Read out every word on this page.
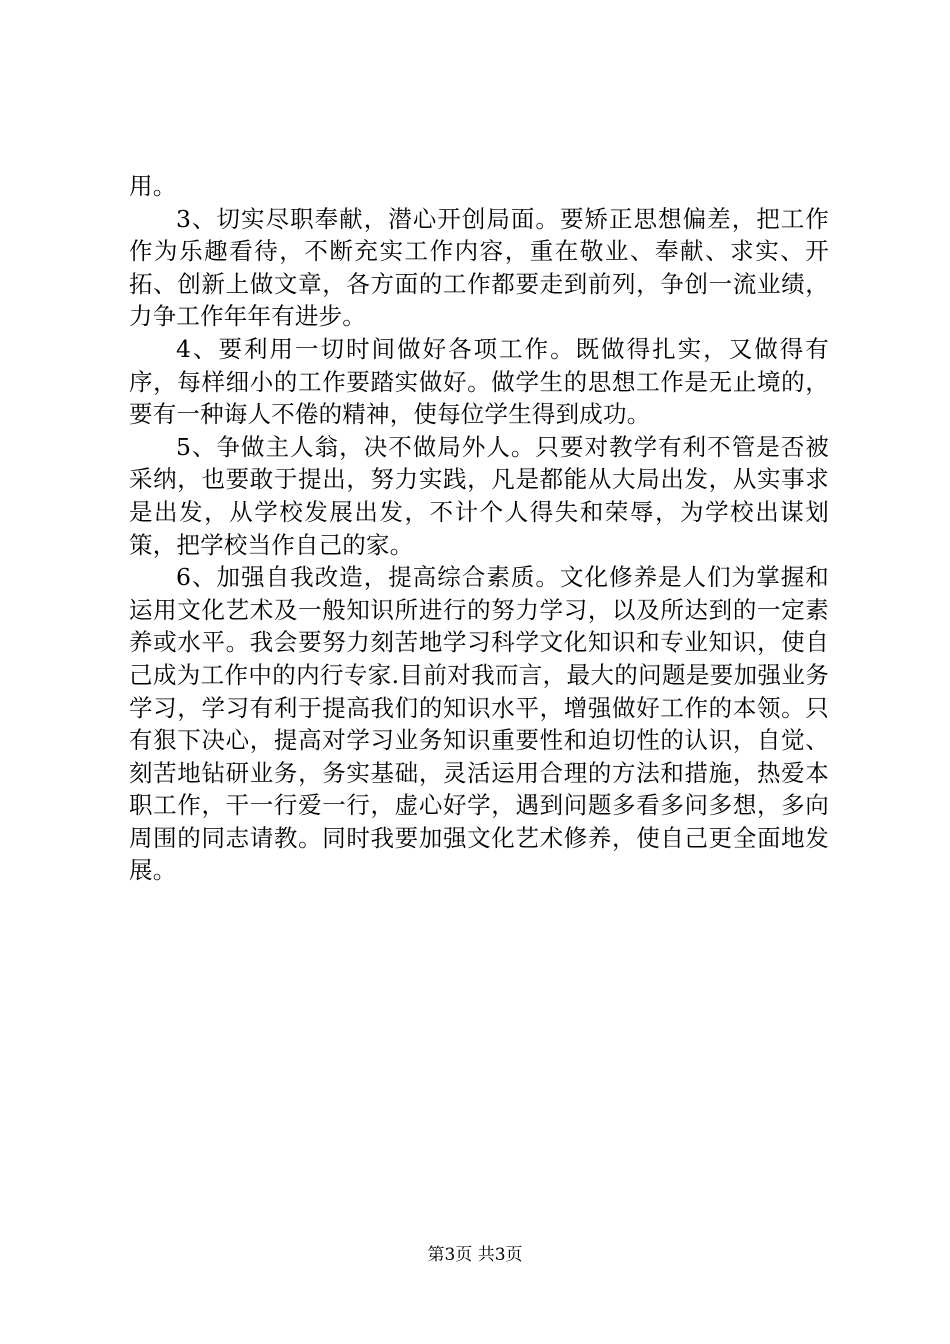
用。

3、切实尽职奉献，潜心开创局面。要矫正思想偏差，把工作作为乐趣看待，不断充实工作内容，重在敬业、奉献、求实、开拓、创新上做文章，各方面的工作都要走到前列，争创一流业绩，力争工作年年有进步。

4、要利用一切时间做好各项工作。既做得扎实，又做得有序，每样细小的工作要踏实做好。做学生的思想工作是无止境的，要有一种诲人不倦的精神，使每位学生得到成功。

5、争做主人翁，决不做局外人。只要对教学有利不管是否被采纳，也要敢于提出，努力实践，凡是都能从大局出发，从实事求是出发，从学校发展出发，不计个人得失和荣辱，为学校出谋划策，把学校当作自己的家。

6、加强自我改造，提高综合素质。文化修养是人们为掌握和运用文化艺术及一般知识所进行的努力学习，以及所达到的一定素养或水平。我会要努力刻苦地学习科学文化知识和专业知识，使自己成为工作中的内行专家.目前对我而言，最大的问题是要加强业务学习，学习有利于提高我们的知识水平，增强做好工作的本领。只有狠下决心，提高对学习业务知识重要性和迫切性的认识，自觉、刻苦地钻研业务，务实基础，灵活运用合理的方法和措施，热爱本职工作，干一行爱一行，虚心好学，遇到问题多看多问多想，多向周围的同志请教。同时我要加强文化艺术修养，使自己更全面地发展。

第3页 共3页
